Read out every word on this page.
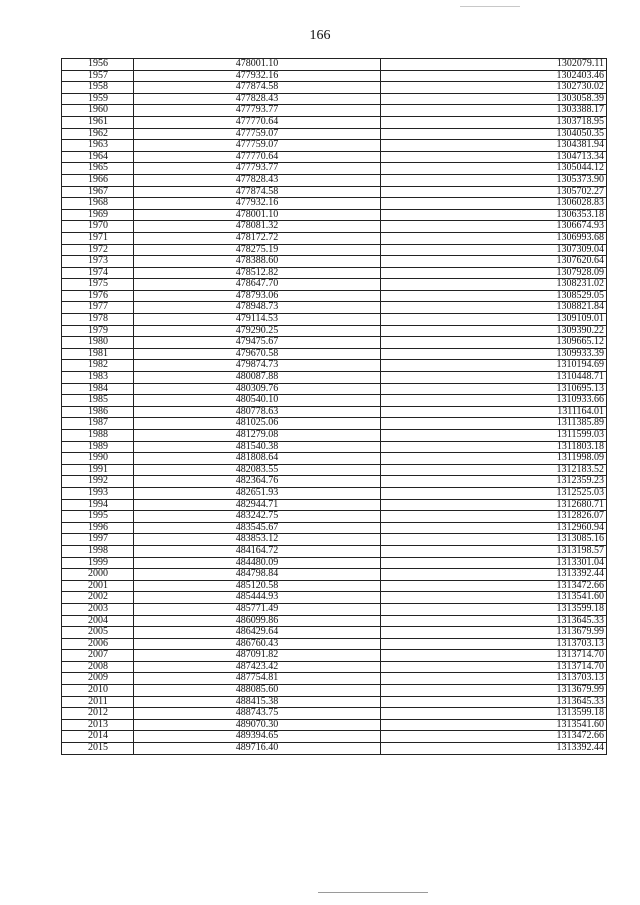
166
1956	478001.10	1302079.11
1957	477932.16	1302403.46
1958	477874.58	1302730.02
1959	477828.43	1303058.39
1960	477793.77	1303388.17
1961	477770.64	1303718.95
1962	477759.07	1304050.35
1963	477759.07	1304381.94
1964	477770.64	1304713.34
1965	477793.77	1305044.12
1966	477828.43	1305373.90
1967	477874.58	1305702.27
1968	477932.16	1306028.83
1969	478001.10	1306353.18
1970	478081.32	1306674.93
1971	478172.72	1306993.68
1972	478275.19	1307309.04
1973	478388.60	1307620.64
1974	478512.82	1307928.09
1975	478647.70	1308231.02
1976	478793.06	1308529.05
1977	478948.73	1308821.84
1978	479114.53	1309109.01
1979	479290.25	1309390.22
1980	479475.67	1309665.12
1981	479670.58	1309933.39
1982	479874.73	1310194.69
1983	480087.88	1310448.71
1984	480309.76	1310695.13
1985	480540.10	1310933.66
1986	480778.63	1311164.01
1987	481025.06	1311385.89
1988	481279.08	1311599.03
1989	481540.38	1311803.18
1990	481808.64	1311998.09
1991	482083.55	1312183.52
1992	482364.76	1312359.23
1993	482651.93	1312525.03
1994	482944.71	1312680.71
1995	483242.75	1312826.07
1996	483545.67	1312960.94
1997	483853.12	1313085.16
1998	484164.72	1313198.57
1999	484480.09	1313301.04
2000	484798.84	1313392.44
2001	485120.58	1313472.66
2002	485444.93	1313541.60
2003	485771.49	1313599.18
2004	486099.86	1313645.33
2005	486429.64	1313679.99
2006	486760.43	1313703.13
2007	487091.82	1313714.70
2008	487423.42	1313714.70
2009	487754.81	1313703.13
2010	488085.60	1313679.99
2011	488415.38	1313645.33
2012	488743.75	1313599.18
2013	489070.30	1313541.60
2014	489394.65	1313472.66
2015	489716.40	1313392.44
